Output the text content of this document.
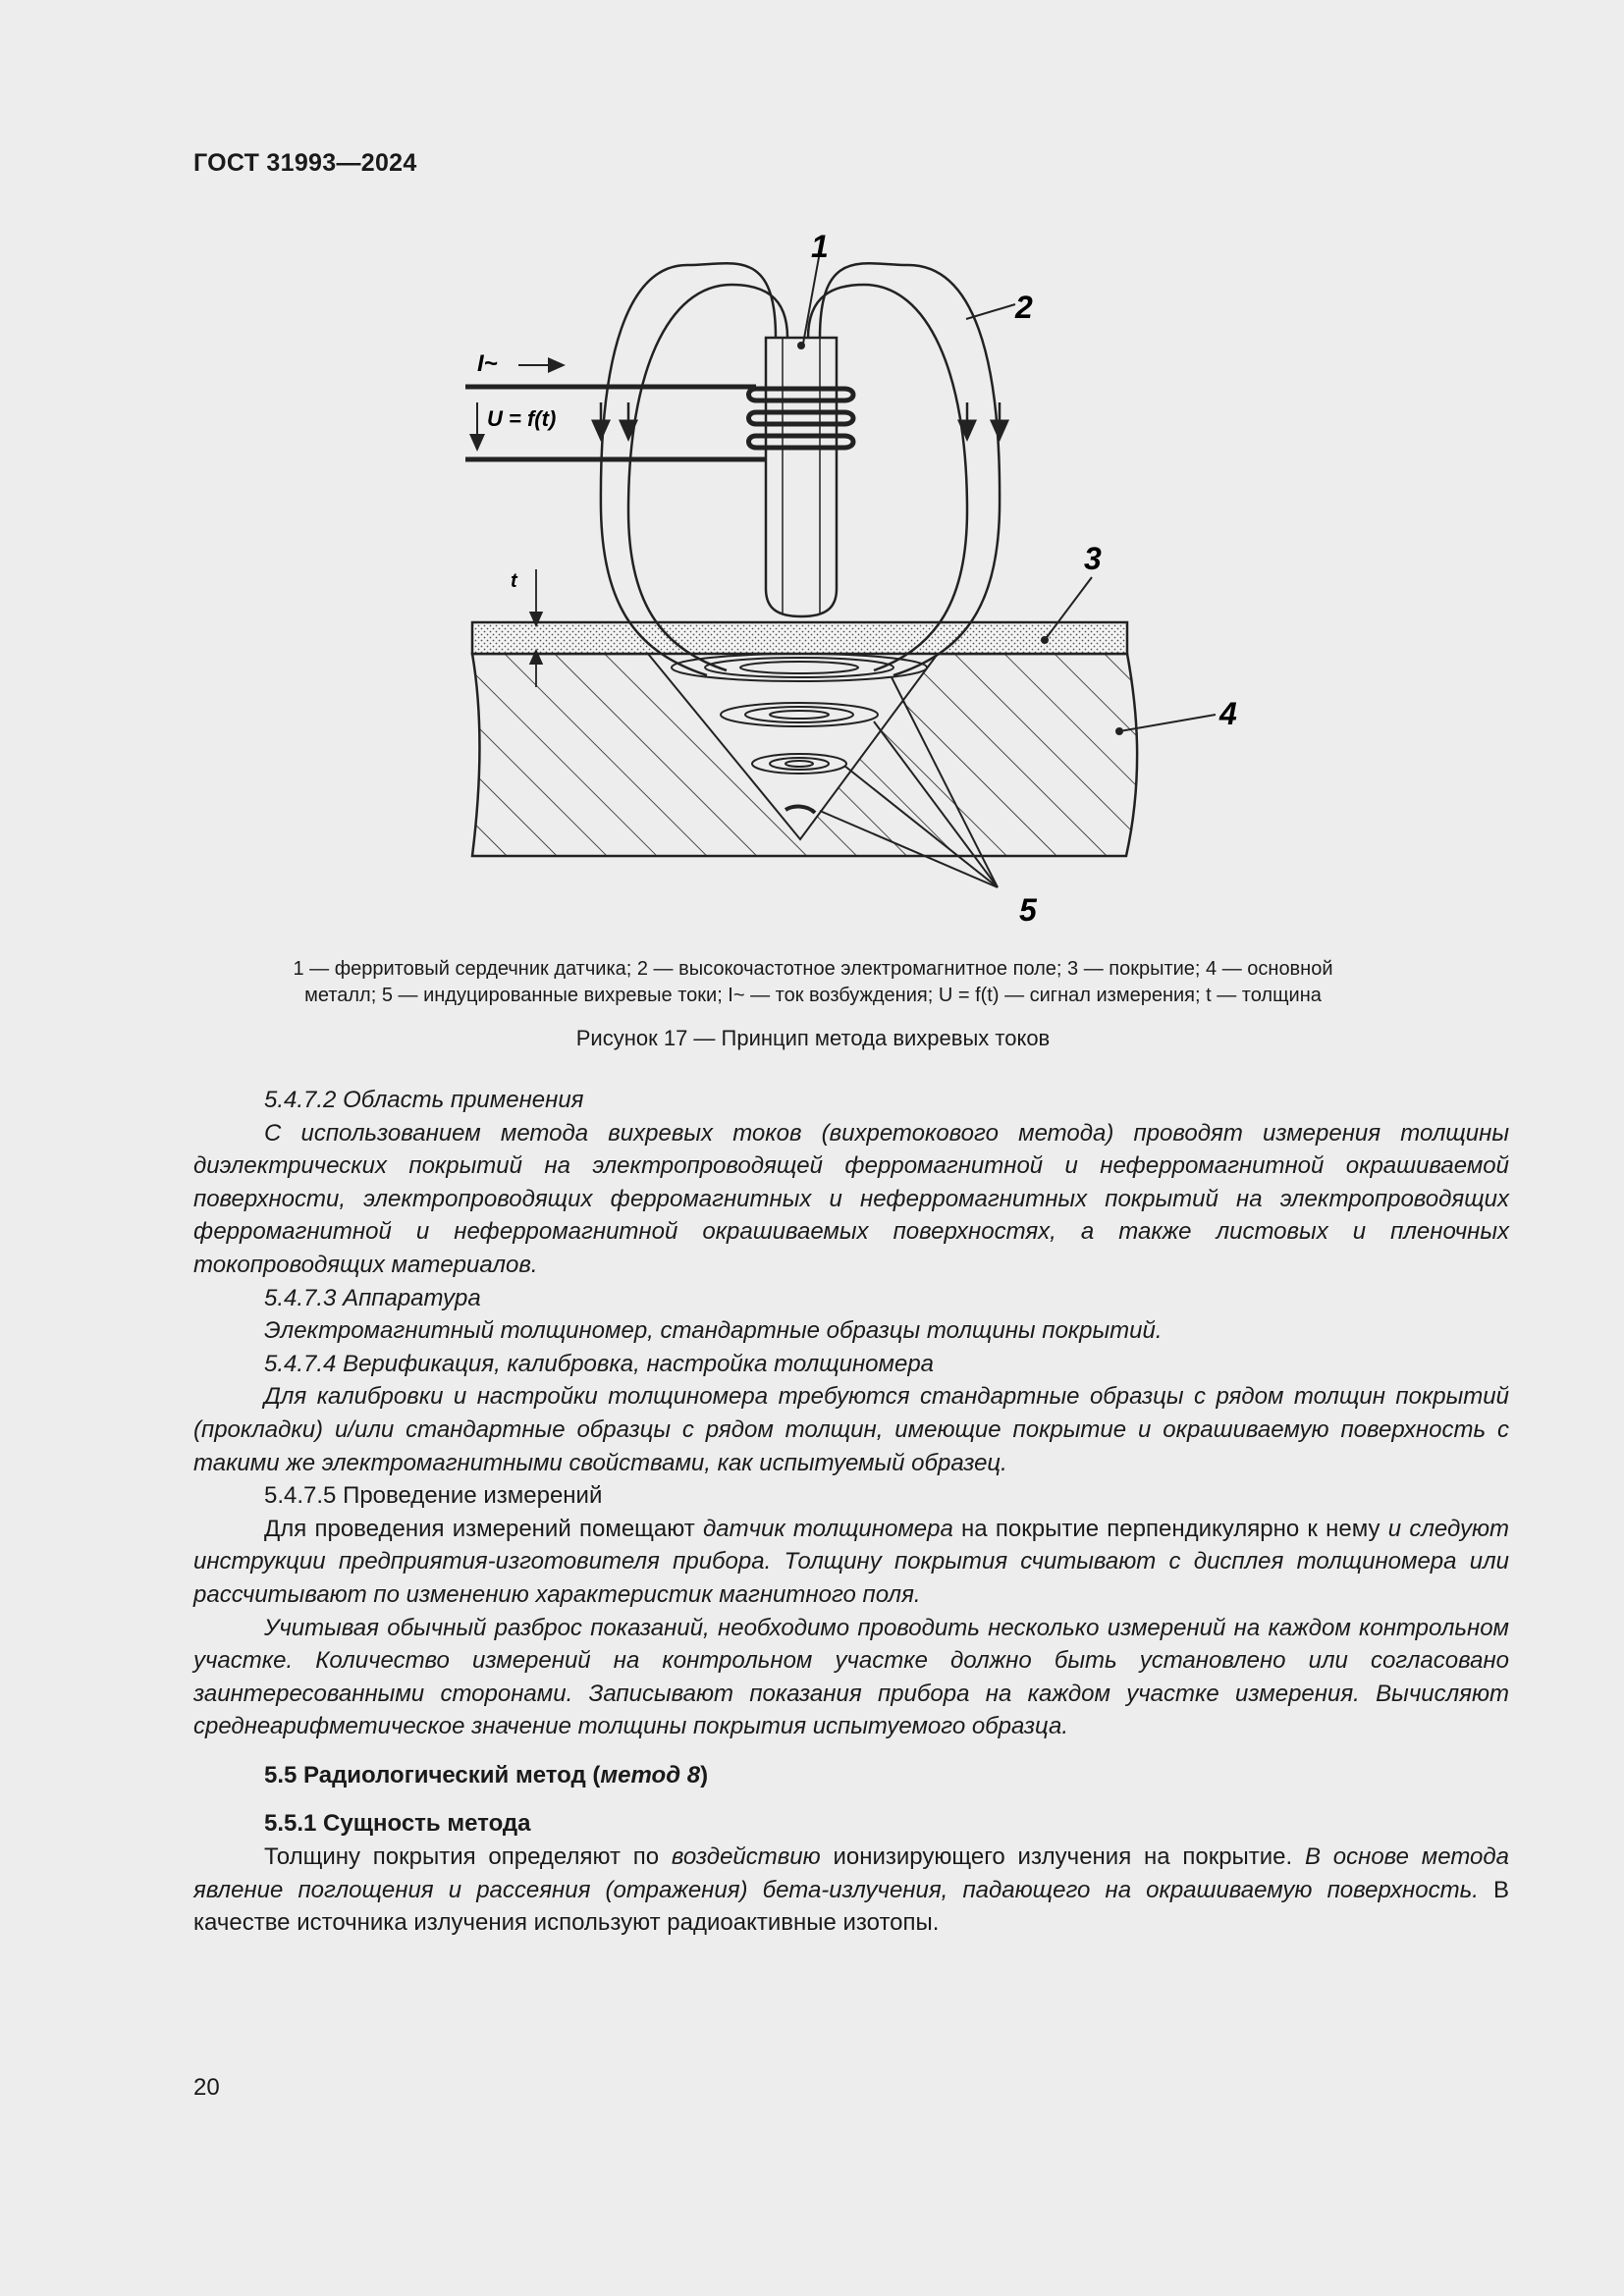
ГОСТ 31993—2024
t
I~
U = f(t)
1
2
3
4
5
1 — ферритовый сердечник датчика; 2 — высокочастотное электромагнитное поле; 3 — покрытие; 4 — основной
металл; 5 — индуцированные вихревые токи; I~ — ток возбуждения; U = f(t) — сигнал измерения; t — толщина
Рисунок 17 — Принцип метода вихревых токов

5.4.7.2 Область применения

С использованием метода вихревых токов (вихретокового метода) проводят измерения толщины диэлектрических покрытий на электропроводящей ферромагнитной и неферромагнитной окрашиваемой поверхности, электропроводящих ферромагнитных и неферромагнитных покрытий на электропроводящих ферромагнитной и неферромагнитной окрашиваемых поверхностях, а также листовых и пленочных токопроводящих материалов.

5.4.7.3 Аппаратура

Электромагнитный толщиномер, стандартные образцы толщины покрытий.

5.4.7.4 Верификация, калибровка, настройка толщиномера

Для калибровки и настройки толщиномера требуются стандартные образцы с рядом толщин покрытий (прокладки) и/или стандартные образцы с рядом толщин, имеющие покрытие и окрашиваемую поверхность с такими же электромагнитными свойствами, как испытуемый образец.

5.4.7.5 Проведение измерений

Для проведения измерений помещают датчик толщиномера на покрытие перпендикулярно к нему и следуют инструкции предприятия-изготовителя прибора. Толщину покрытия считывают с дисплея толщиномера или рассчитывают по изменению характеристик магнитного поля.

Учитывая обычный разброс показаний, необходимо проводить несколько измерений на каждом контрольном участке. Количество измерений на контрольном участке должно быть установлено или согласовано заинтересованными сторонами. Записывают показания прибора на каждом участке измерения. Вычисляют среднеарифметическое значение толщины покрытия испытуемого образца.

5.5 Радиологический метод (метод 8)

5.5.1 Сущность метода

Толщину покрытия определяют по воздействию ионизирующего излучения на покрытие. В основе метода явление поглощения и рассеяния (отражения) бета-излучения, падающего на окрашиваемую поверхность. В качестве источника излучения используют радиоактивные изотопы.

20
